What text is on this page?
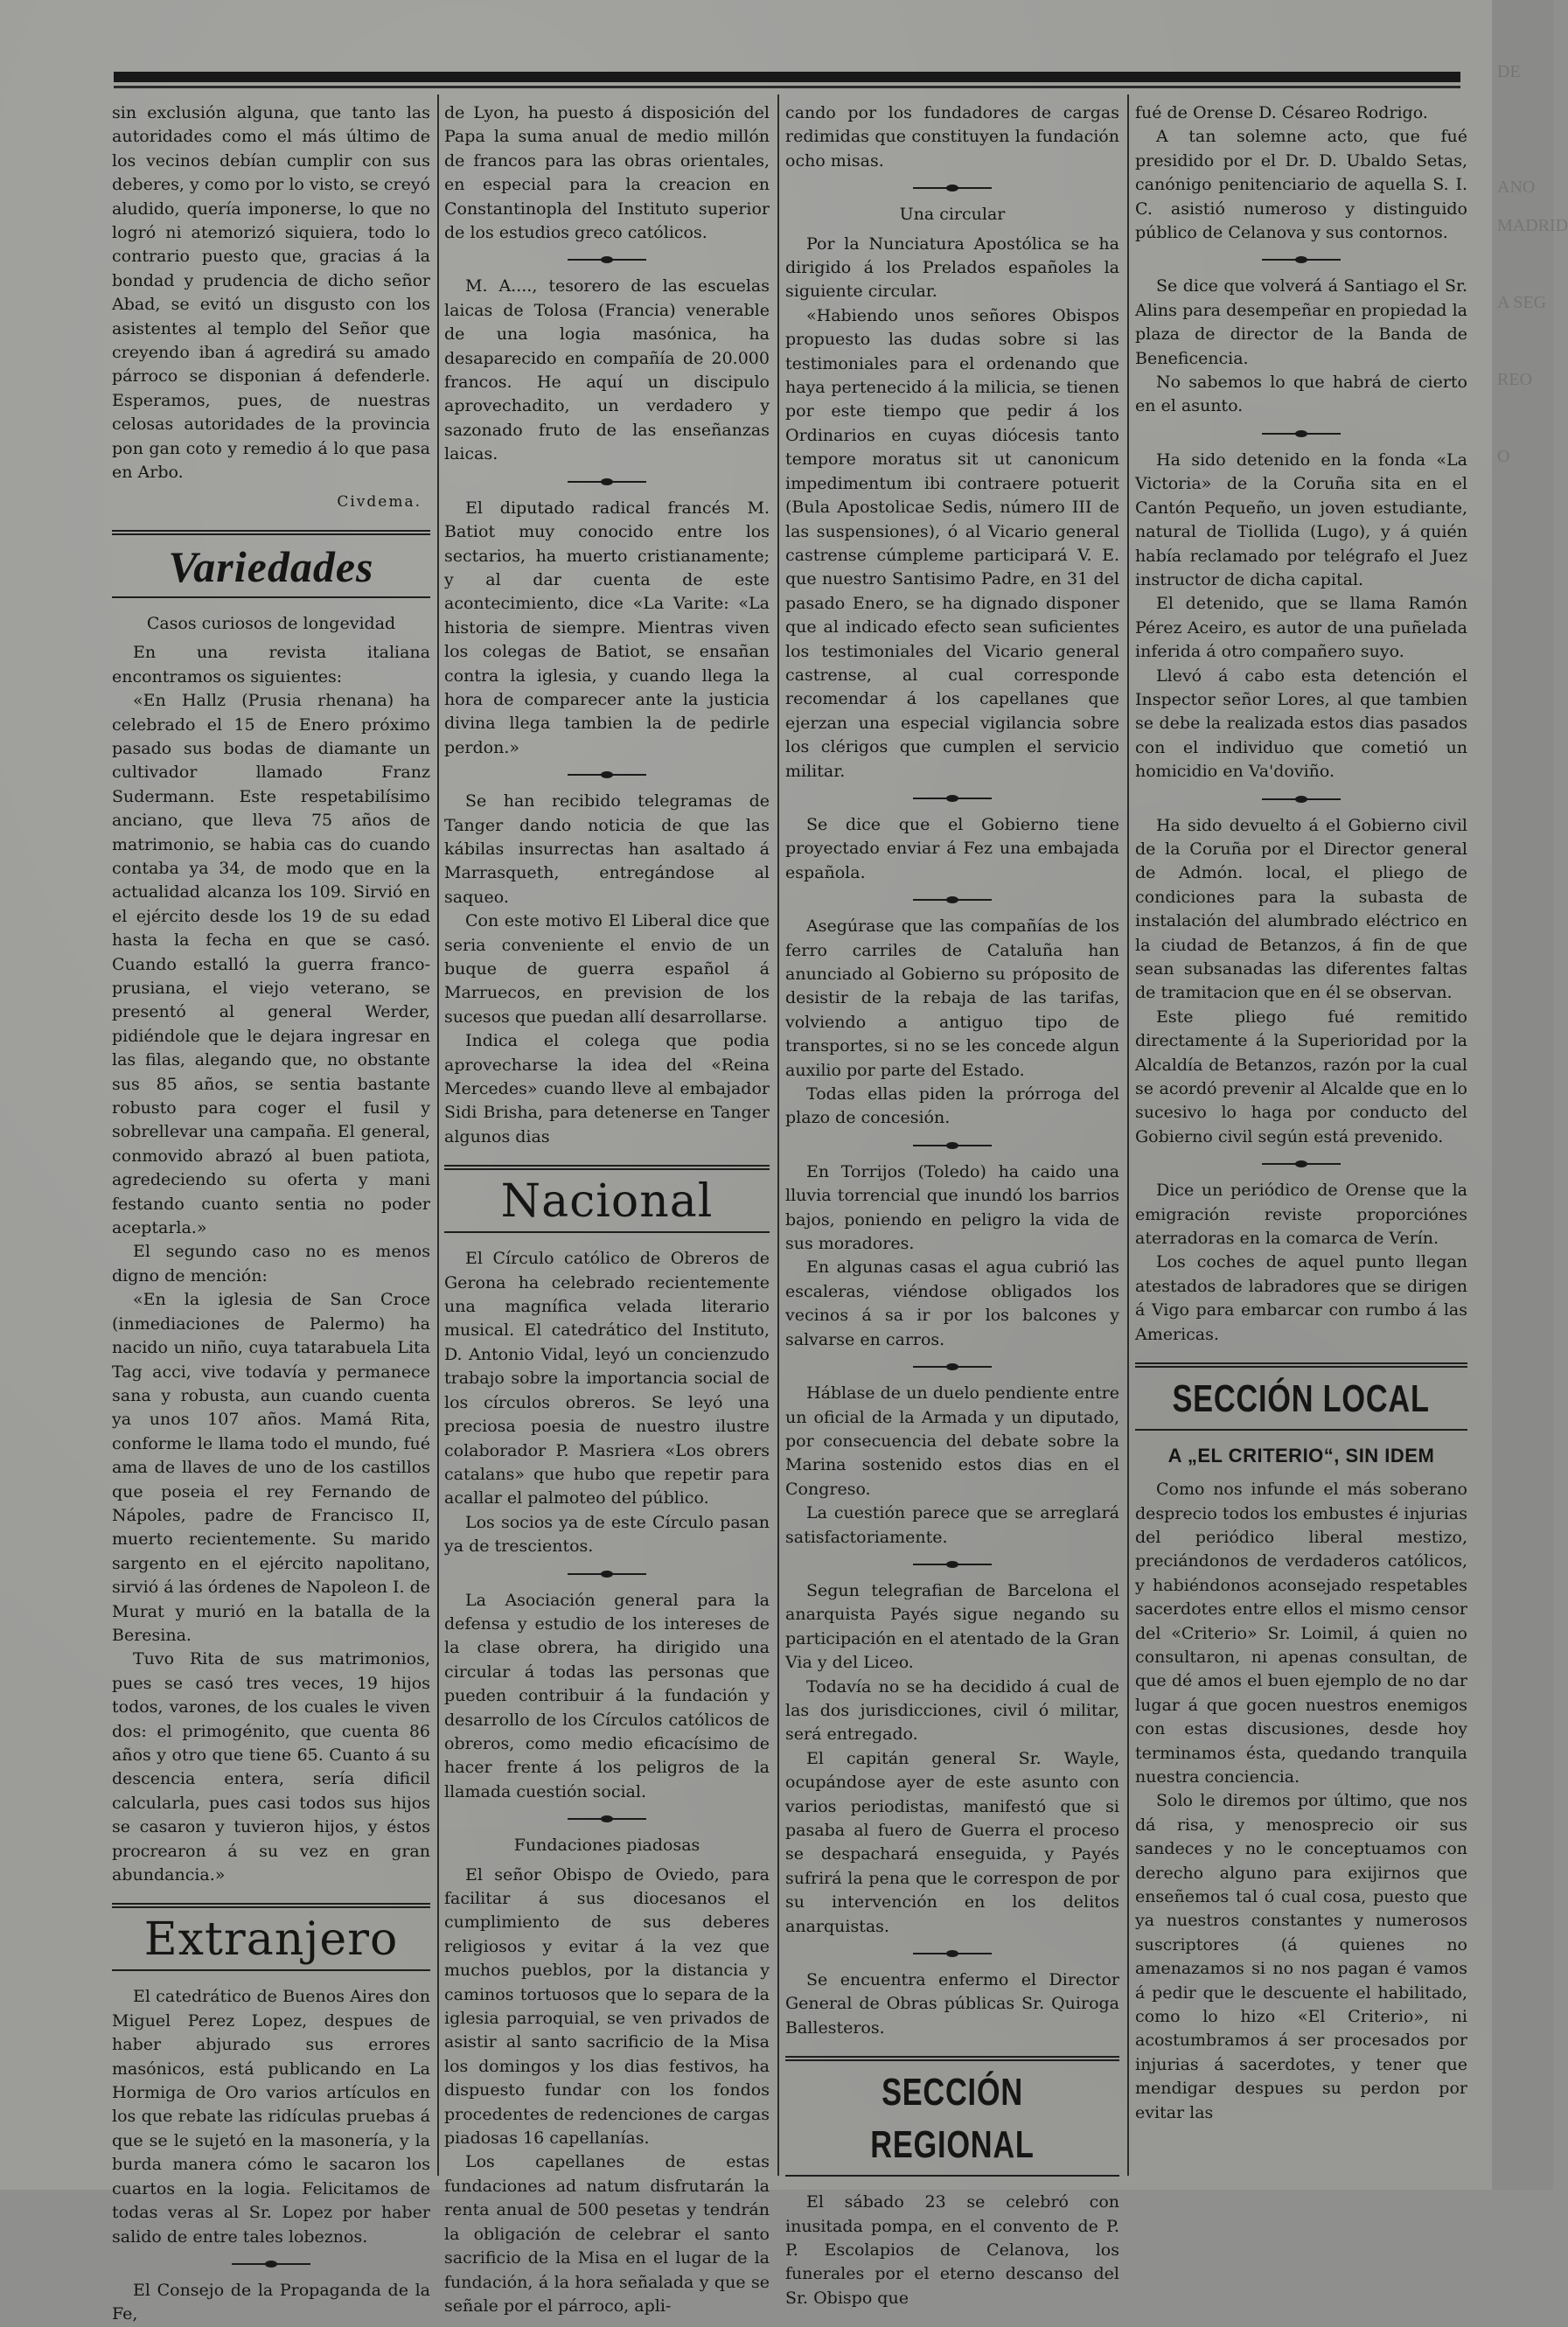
DE

ANO
MADRID

A SEG

REO

O

sin exclusión alguna, que tanto las autoridades como el más último de los vecinos debían cumplir con sus deberes, y como por lo visto, se creyó aludido, quería imponerse, lo que no logró ni atemorizó siquiera, todo lo contrario puesto que, gracias á la bondad y prudencia de dicho señor Abad, se evitó un disgusto con los asistentes al templo del Señor que creyendo iban á agredirá su amado párroco se disponian á defenderle. Esperamos, pues, de nuestras celosas autoridades de la provincia pon gan coto y remedio á lo que pasa en Arbo.

Civdema.

Variedades

Casos curiosos de longevidad

En una revista italiana encontramos os siguientes:

«En Hallz (Prusia rhenana) ha celebrado el 15 de Enero próximo pasado sus bodas de diamante un cultivador llamado Franz Sudermann. Este respetabilísimo anciano, que lleva 75 años de matrimonio, se habia cas do cuando contaba ya 34, de modo que en la actualidad alcanza los 109. Sirvió en el ejército desde los 19 de su edad hasta la fecha en que se casó. Cuando estalló la guerra franco-prusiana, el viejo veterano, se presentó al general Werder, pidiéndole que le dejara ingresar en las filas, alegando que, no obstante sus 85 años, se sentia bastante robusto para coger el fusil y sobrellevar una campaña. El general, conmovido abrazó al buen patiota, agredeciendo su oferta y mani festando cuanto sentia no poder aceptarla.»

El segundo caso no es menos digno de mención:

«En la iglesia de San Croce (inmediaciones de Palermo) ha nacido un niño, cuya tatarabuela Lita Tag acci, vive todavía y permanece sana y robusta, aun cuando cuenta ya unos 107 años. Mamá Rita, conforme le llama todo el mundo, fué ama de llaves de uno de los castillos que poseia el rey Fernando de Nápoles, padre de Francisco II, muerto recientemente. Su marido sargento en el ejército napolitano, sirvió á las órdenes de Napoleon I. de Murat y murió en la batalla de la Beresina.

Tuvo Rita de sus matrimonios, pues se casó tres veces, 19 hijos todos, varones, de los cuales le viven dos: el primogénito, que cuenta 86 años y otro que tiene 65. Cuanto á su descencia entera, sería dificil calcularla, pues casi todos sus hijos se casaron y tuvieron hijos, y éstos procrearon á su vez en gran abundancia.»

Extranjero

El catedrático de Buenos Aires don Miguel Perez Lopez, despues de haber abjurado sus errores masónicos, está publicando en La Hormiga de Oro varios artículos en los que rebate las ridículas pruebas á que se le sujetó en la masonería, y la burda manera cómo le sacaron los cuartos en la logia. Felicitamos de todas veras al Sr. Lopez por haber salido de entre tales lobeznos.

El Consejo de la Propaganda de la Fe,

de Lyon, ha puesto á disposición del Papa la suma anual de medio millón de francos para las obras orientales, en especial para la creacion en Constantinopla del Instituto superior de los estudios greco católicos.

M. A...., tesorero de las escuelas laicas de Tolosa (Francia) venerable de una logia masónica, ha desaparecido en compañía de 20.000 francos. He aquí un discipulo aprovechadito, un verdadero y sazonado fruto de las enseñanzas laicas.

El diputado radical francés M. Batiot muy conocido entre los sectarios, ha muerto cristianamente; y al dar cuenta de este acontecimiento, dice «La Varite: «La historia de siempre. Mientras viven los colegas de Batiot, se ensañan contra la iglesia, y cuando llega la hora de comparecer ante la justicia divina llega tambien la de pedirle perdon.»

Se han recibido telegramas de Tanger dando noticia de que las kábilas insurrectas han asaltado á Marrasqueth, entregándose al saqueo.

Con este motivo El Liberal dice que seria conveniente el envio de un buque de guerra español á Marruecos, en prevision de los sucesos que puedan allí desarrollarse.

Indica el colega que podia aprovecharse la idea del «Reina Mercedes» cuando lleve al embajador Sidi Brisha, para detenerse en Tanger algunos dias

Nacional

El Círculo católico de Obreros de Gerona ha celebrado recientemente una magnífica velada literario musical. El catedrático del Instituto, D. Antonio Vidal, leyó un concienzudo trabajo sobre la importancia social de los círculos obreros. Se leyó una preciosa poesia de nuestro ilustre colaborador P. Masriera «Los obrers catalans» que hubo que repetir para acallar el palmoteo del público.

Los socios ya de este Círculo pasan ya de trescientos.

La Asociación general para la defensa y estudio de los intereses de la clase obrera, ha dirigido una circular á todas las personas que pueden contribuir á la fundación y desarrollo de los Círculos católicos de obreros, como medio eficacísimo de hacer frente á los peligros de la llamada cuestión social.

Fundaciones piadosas

El señor Obispo de Oviedo, para facilitar á sus diocesanos el cumplimiento de sus deberes religiosos y evitar á la vez que muchos pueblos, por la distancia y caminos tortuosos que lo separa de la iglesia parroquial, se ven privados de asistir al santo sacrificio de la Misa los domingos y los dias festivos, ha dispuesto fundar con los fondos procedentes de redenciones de cargas piadosas 16 capellanías.

Los capellanes de estas fundaciones ad natum disfrutarán la renta anual de 500 pesetas y tendrán la obligación de celebrar el santo sacrificio de la Misa en el lugar de la fundación, á la hora señalada y que se señale por el párroco, apli-

cando por los fundadores de cargas redimidas que constituyen la fundación ocho misas.

Una circular

Por la Nunciatura Apostólica se ha dirigido á los Prelados españoles la siguiente circular.

«Habiendo unos señores Obispos propuesto las dudas sobre si las testimoniales para el ordenando que haya pertenecido á la milicia, se tienen por este tiempo que pedir á los Ordinarios en cuyas diócesis tanto tempore moratus sit ut canonicum impedimentum ibi contraere potuerit (Bula Apostolicae Sedis, número III de las suspensiones), ó al Vicario general castrense cúmpleme participará V. E. que nuestro Santisimo Padre, en 31 del pasado Enero, se ha dignado disponer que al indicado efecto sean suficientes los testimoniales del Vicario general castrense, al cual corresponde recomendar á los capellanes que ejerzan una especial vigilancia sobre los clérigos que cumplen el servicio militar.

Se dice que el Gobierno tiene proyectado enviar á Fez una embajada española.

Asegúrase que las compañías de los ferro carriles de Cataluña han anunciado al Gobierno su próposito de desistir de la rebaja de las tarifas, volviendo a antiguo tipo de transportes, si no se les concede algun auxilio por parte del Estado.

Todas ellas piden la prórroga del plazo de concesión.

En Torrijos (Toledo) ha caido una lluvia torrencial que inundó los barrios bajos, poniendo en peligro la vida de sus moradores.

En algunas casas el agua cubrió las escaleras, viéndose obligados los vecinos á sa ir por los balcones y salvarse en carros.

Háblase de un duelo pendiente entre un oficial de la Armada y un diputado, por consecuencia del debate sobre la Marina sostenido estos dias en el Congreso.

La cuestión parece que se arreglará satisfactoriamente.

Segun telegrafian de Barcelona el anarquista Payés sigue negando su participación en el atentado de la Gran Via y del Liceo.

Todavía no se ha decidido á cual de las dos jurisdicciones, civil ó militar, será entregado.

El capitán general Sr. Wayle, ocupándose ayer de este asunto con varios periodistas, manifestó que si pasaba al fuero de Guerra el proceso se despachará enseguida, y Payés sufrirá la pena que le correspon de por su intervención en los delitos anarquistas.

Se encuentra enfermo el Director General de Obras públicas Sr. Quiroga Ballesteros.

SECCIÓN REGIONAL

El sábado 23 se celebró con inusitada pompa, en el convento de P. P. Escolapios de Celanova, los funerales por el eterno descanso del Sr. Obispo que

fué de Orense D. Césareo Rodrigo.

A tan solemne acto, que fué presidido por el Dr. D. Ubaldo Setas, canónigo penitenciario de aquella S. I. C. asistió numeroso y distinguido público de Celanova y sus contornos.

Se dice que volverá á Santiago el Sr. Alins para desempeñar en propiedad la plaza de director de la Banda de Beneficencia.

No sabemos lo que habrá de cierto en el asunto.

Ha sido detenido en la fonda «La Victoria» de la Coruña sita en el Cantón Pequeño, un joven estudiante, natural de Tiollida (Lugo), y á quién había reclamado por telégrafo el Juez instructor de dicha capital.

El detenido, que se llama Ramón Pérez Aceiro, es autor de una puñelada inferida á otro compañero suyo.

Llevó á cabo esta detención el Inspector señor Lores, al que tambien se debe la realizada estos dias pasados con el individuo que cometió un homicidio en Va'doviño.

Ha sido devuelto á el Gobierno civil de la Coruña por el Director general de Admón. local, el pliego de condiciones para la subasta de instalación del alumbrado eléctrico en la ciudad de Betanzos, á fin de que sean subsanadas las diferentes faltas de tramitacion que en él se observan.

Este pliego fué remitido directamente á la Superioridad por la Alcaldía de Betanzos, razón por la cual se acordó prevenir al Alcalde que en lo sucesivo lo haga por conducto del Gobierno civil según está prevenido.

Dice un periódico de Orense que la emigración reviste proporciónes aterradoras en la comarca de Verín.

Los coches de aquel punto llegan atestados de labradores que se dirigen á Vigo para embarcar con rumbo á las Americas.

SECCIÓN LOCAL
A „EL CRITERIO“, SIN IDEM

Como nos infunde el más soberano desprecio todos los embustes é injurias del periódico liberal mestizo, preciándonos de verdaderos católicos, y habiéndonos aconsejado respetables sacerdotes entre ellos el mismo censor del «Criterio» Sr. Loimil, á quien no consultaron, ni apenas consultan, de que dé amos el buen ejemplo de no dar lugar á que gocen nuestros enemigos con estas discusiones, desde hoy terminamos ésta, quedando tranquila nuestra conciencia.

Solo le diremos por último, que nos dá risa, y menosprecio oir sus sandeces y no le conceptuamos con derecho alguno para exijirnos que enseñemos tal ó cual cosa, puesto que ya nuestros constantes y numerosos suscriptores (á quienes no amenazamos si no nos pagan é vamos á pedir que le descuente el habilitado, como lo hizo «El Criterio», ni acostumbramos á ser procesados por injurias á sacerdotes, y tener que mendigar despues su perdon por evitar las
